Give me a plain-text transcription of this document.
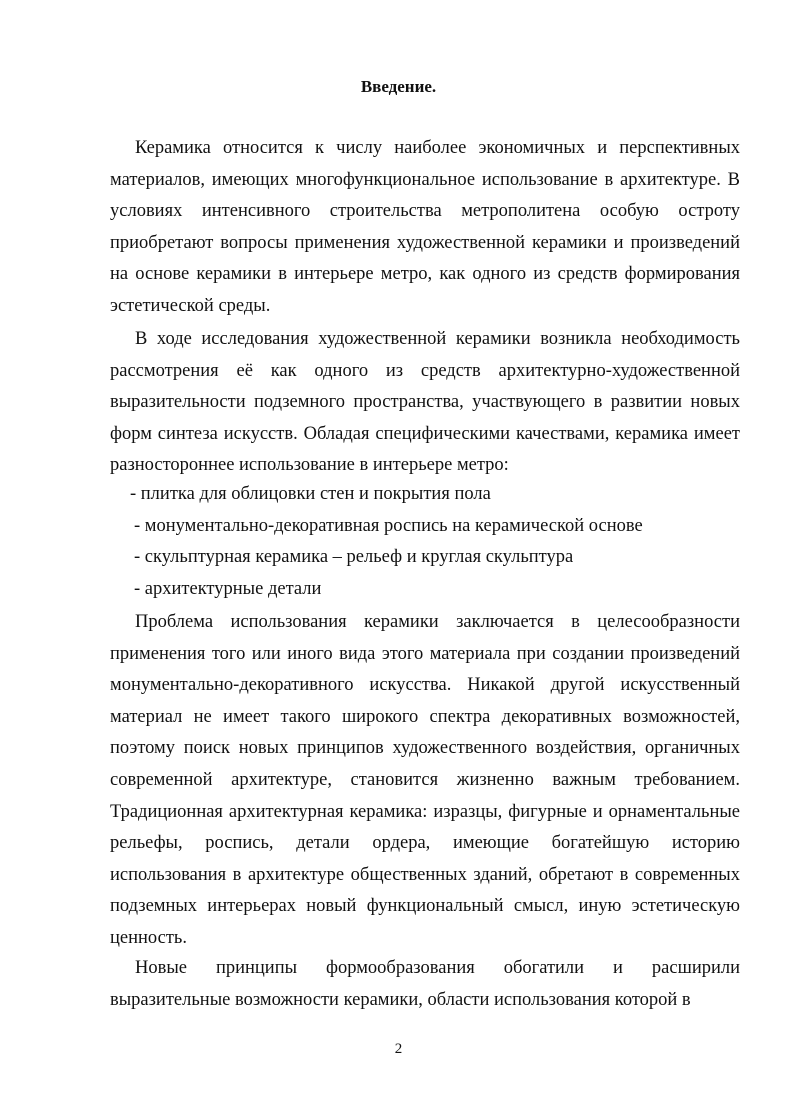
Введение.
Керамика относится к числу наиболее экономичных и перспективных материалов, имеющих многофункциональное использование в архитектуре. В условиях интенсивного строительства метрополитена особую остроту приобретают вопросы применения художественной керамики и произведений на основе керамики в интерьере метро, как одного из средств формирования эстетической среды.
В ходе исследования художественной керамики возникла необходимость рассмотрения её как одного из средств архитектурно-художественной выразительности подземного пространства, участвующего в развитии новых форм синтеза искусств. Обладая специфическими качествами, керамика имеет разностороннее использование в интерьере метро:
- плитка для облицовки стен и покрытия пола
- монументально-декоративная роспись на керамической основе
- скульптурная керамика – рельеф и круглая скульптура
- архитектурные детали
Проблема использования керамики заключается в целесообразности применения того или иного вида этого материала при создании произведений монументально-декоративного искусства. Никакой другой искусственный материал не имеет такого широкого спектра декоративных возможностей, поэтому поиск новых принципов художественного воздействия, органичных современной архитектуре, становится жизненно важным требованием. Традиционная архитектурная керамика: изразцы, фигурные и орнаментальные рельефы, роспись, детали ордера, имеющие богатейшую историю использования в архитектуре общественных зданий, обретают в современных подземных интерьерах новый функциональный смысл, иную эстетическую ценность.
Новые принципы формообразования обогатили и расширили выразительные возможности керамики, области использования которой в
2
